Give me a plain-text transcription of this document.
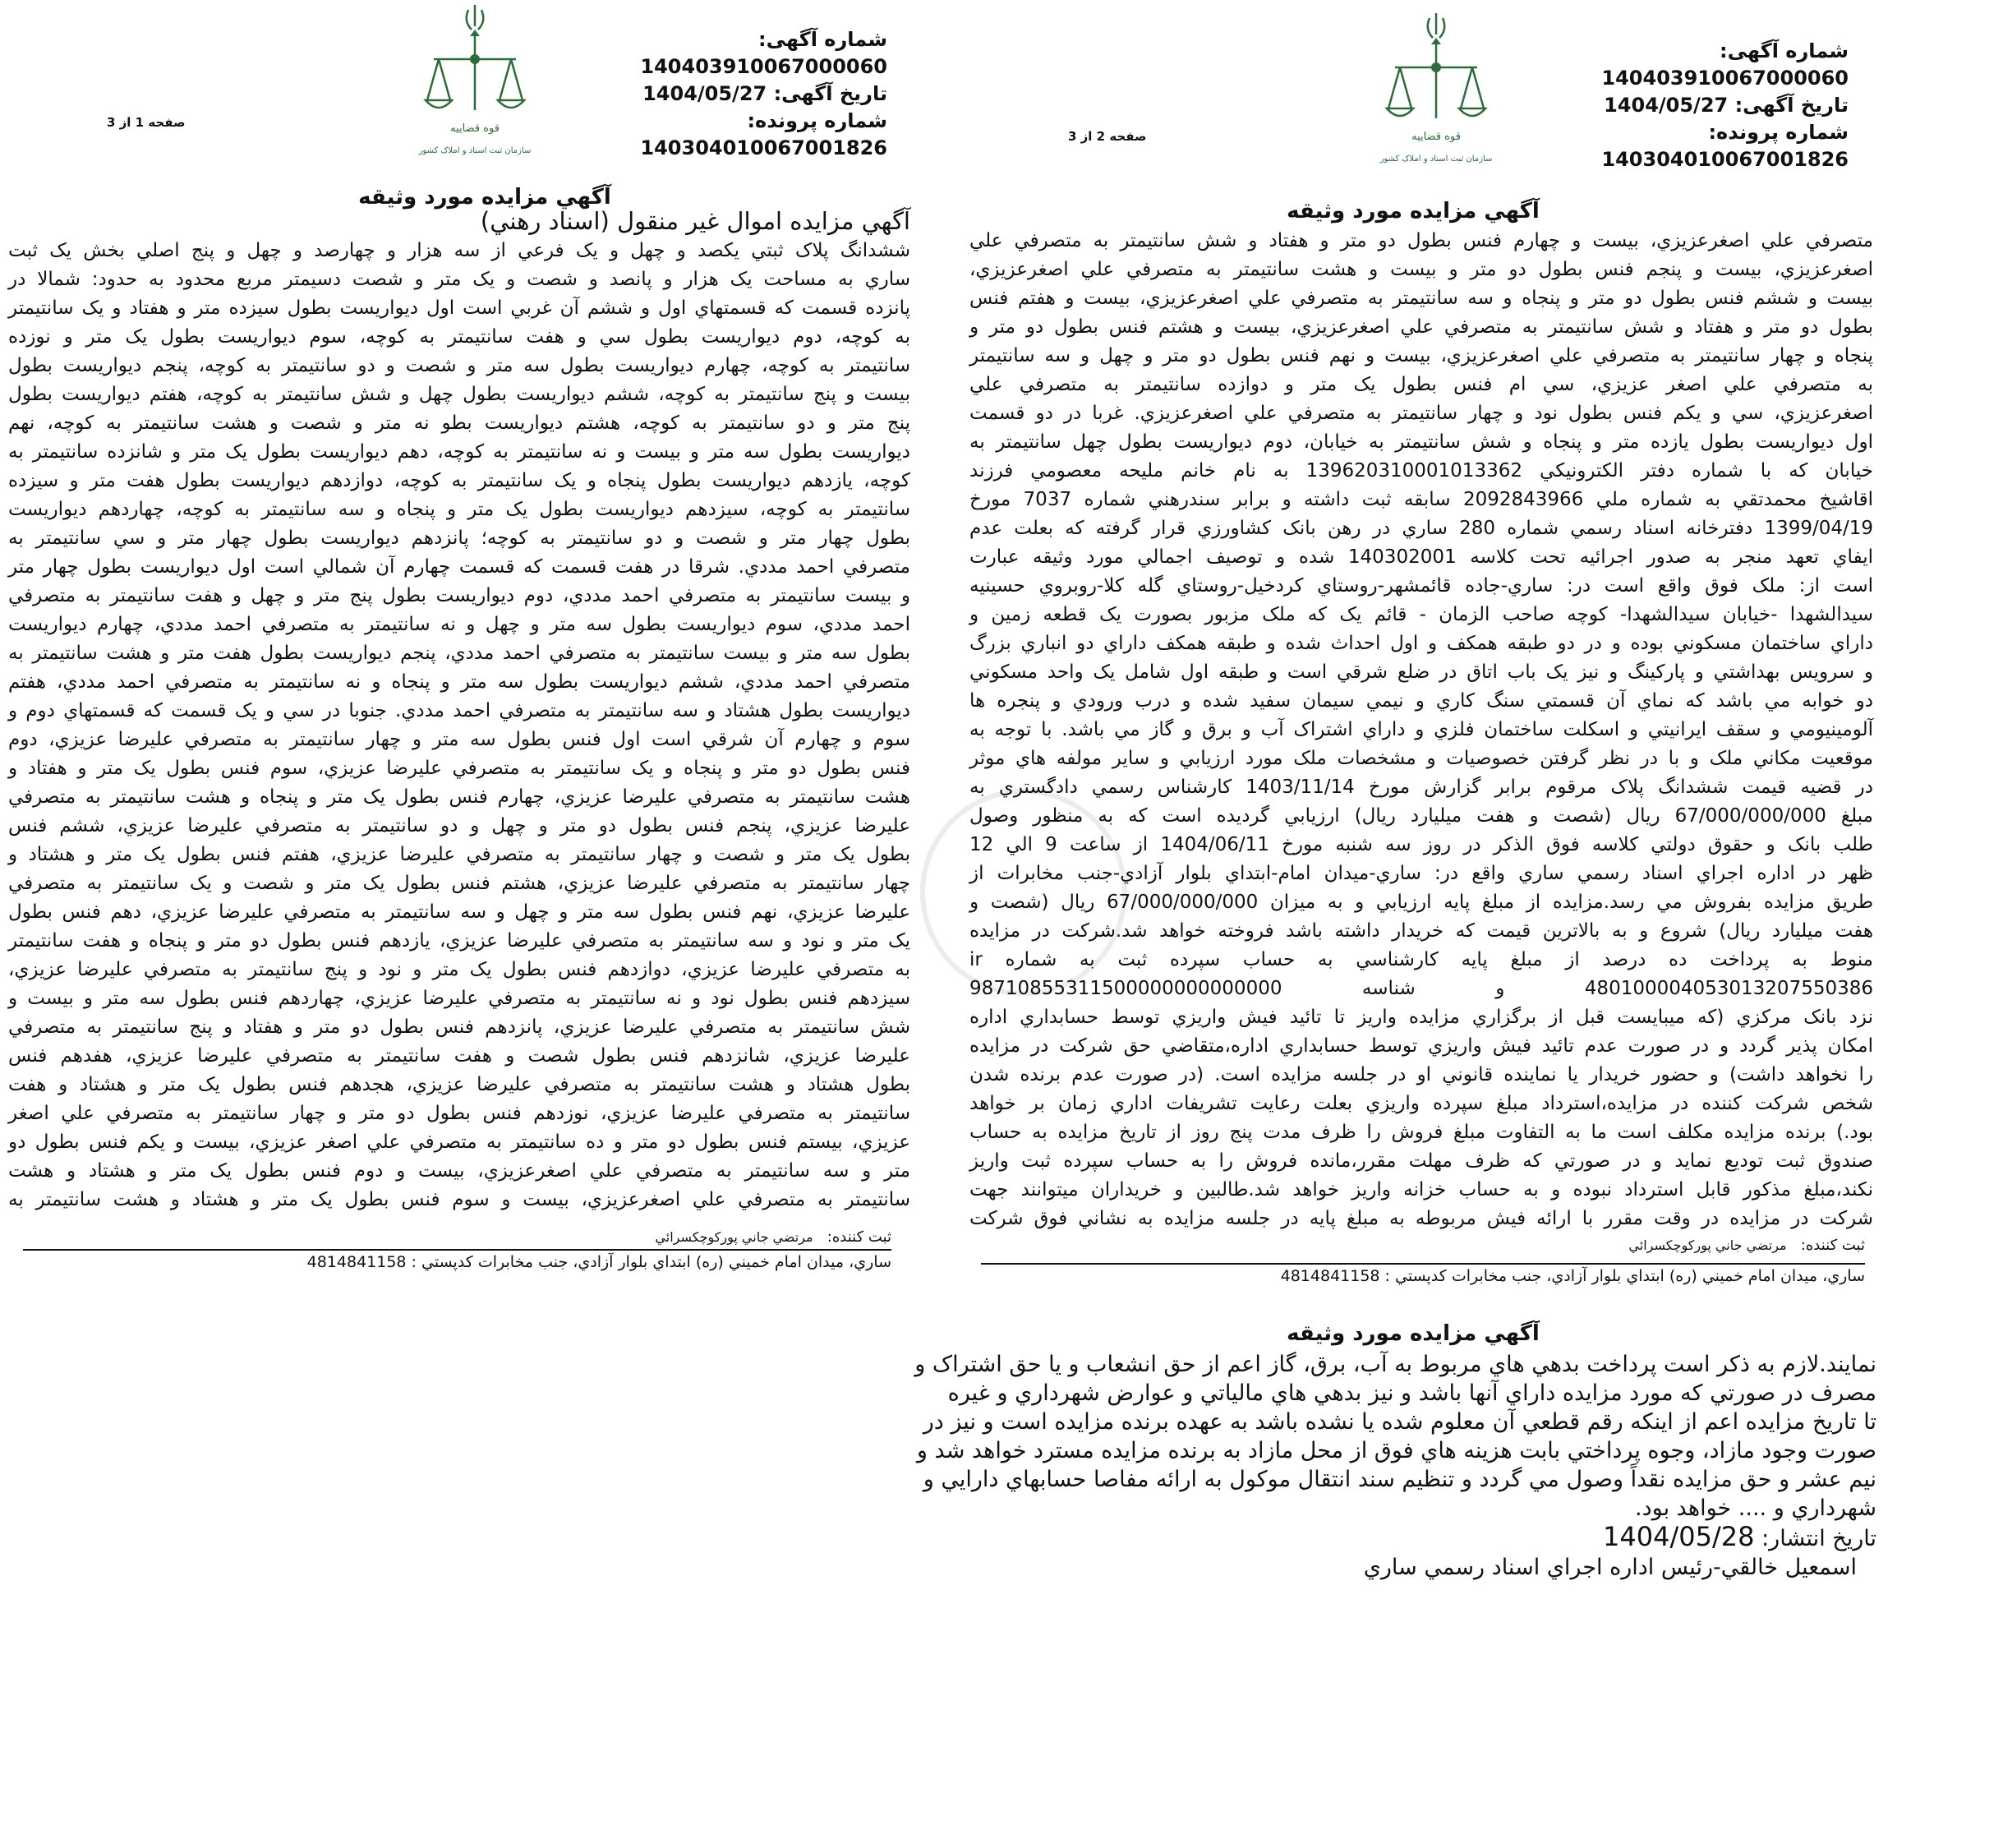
شماره آگهی: 140403910067000060
تاریخ آگهی: 1404/05/27
شماره پرونده: 140304010067001826
قوه قضاييه
سازمان ثبت اسناد و املاک کشور
صفحه 1 از 3
آگهي مزايده مورد وثيقه
آگهي مزايده اموال غير منقول (اسناد رهني)
ششدانگ پلاک ثبتي يکصد و چهل و يک فرعي از سه هزار و چهارصد و چهل و پنج اصلي بخش يک ثبت
ساري به مساحت يک هزار و پانصد و شصت و يک متر و شصت دسيمتر مربع محدود به حدود: شمالا در
پانزده قسمت که قسمتهاي اول و ششم آن غربي است اول ديواريست بطول سيزده متر و هفتاد و يک سانتيمتر
به کوچه، دوم ديواريست بطول سي و هفت سانتيمتر به کوچه، سوم ديواريست بطول يک متر و نوزده
سانتيمتر به کوچه، چهارم ديواريست بطول سه متر و شصت و دو سانتيمتر به کوچه، پنجم ديواريست بطول
بيست و پنج سانتيمتر به کوچه، ششم ديواريست بطول چهل و شش سانتيمتر به کوچه، هفتم ديواريست بطول
پنج متر و دو سانتيمتر به کوچه، هشتم ديواريست بطو نه متر و شصت و هشت سانتيمتر به کوچه، نهم
ديواريست بطول سه متر و بيست و نه سانتيمتر به کوچه، دهم ديواريست بطول يک متر و شانزده سانتيمتر به
کوچه، يازدهم ديواريست بطول پنجاه و يک سانتيمتر به کوچه، دوازدهم ديواريست بطول هفت متر و سيزده
سانتيمتر به کوچه، سيزدهم ديواريست بطول يک متر و پنجاه و سه سانتيمتر به کوچه، چهاردهم ديواريست
بطول چهار متر و شصت و دو سانتيمتر به کوچه؛ پانزدهم ديواريست بطول چهار متر و سي سانتيمتر به
متصرفي احمد مددي. شرقا در هفت قسمت که قسمت چهارم آن شمالي است اول ديواريست بطول چهار متر
و بيست سانتيمتر به متصرفي احمد مددي، دوم ديواريست بطول پنج متر و چهل و هفت سانتيمتر به متصرفي
احمد مددي، سوم ديواريست بطول سه متر و چهل و نه سانتيمتر به متصرفي احمد مددي، چهارم ديواريست
بطول سه متر و بيست سانتيمتر به متصرفي احمد مددي، پنجم ديواريست بطول هفت متر و هشت سانتيمتر به
متصرفي احمد مددي، ششم ديواريست بطول سه متر و پنجاه و نه سانتيمتر به متصرفي احمد مددي، هفتم
ديواريست بطول هشتاد و سه سانتيمتر به متصرفي احمد مددي. جنوبا در سي و يک قسمت که قسمتهاي دوم و
سوم و چهارم آن شرقي است اول فنس بطول سه متر و چهار سانتيمتر به متصرفي عليرضا عزيزي، دوم
فنس بطول دو متر و پنجاه و يک سانتيمتر به متصرفي عليرضا عزيزي، سوم فنس بطول يک متر و هفتاد و
هشت سانتيمتر به متصرفي عليرضا عزيزي، چهارم فنس بطول يک متر و پنجاه و هشت سانتيمتر به متصرفي
عليرضا عزيزي، پنجم فنس بطول دو متر و چهل و دو سانتيمتر به متصرفي عليرضا عزيزي، ششم فنس
بطول يک متر و شصت و چهار سانتيمتر به متصرفي عليرضا عزيزي، هفتم فنس بطول يک متر و هشتاد و
چهار سانتيمتر به متصرفي عليرضا عزيزي، هشتم فنس بطول يک متر و شصت و يک سانتيمتر به متصرفي
عليرضا عزيزي، نهم فنس بطول سه متر و چهل و سه سانتيمتر به متصرفي عليرضا عزيزي، دهم فنس بطول
يک متر و نود و سه سانتيمتر به متصرفي عليرضا عزيزي، يازدهم فنس بطول دو متر و پنجاه و هفت سانتيمتر
به متصرفي عليرضا عزيزي، دوازدهم فنس بطول يک متر و نود و پنج سانتيمتر به متصرفي عليرضا عزيزي،
سيزدهم فنس بطول نود و نه سانتيمتر به متصرفي عليرضا عزيزي، چهاردهم فنس بطول سه متر و بيست و
شش سانتيمتر به متصرفي عليرضا عزيزي، پانزدهم فنس بطول دو متر و هفتاد و پنج سانتيمتر به متصرفي
عليرضا عزيزي، شانزدهم فنس بطول شصت و هفت سانتيمتر به متصرفي عليرضا عزيزي، هفدهم فنس
بطول هشتاد و هشت سانتيمتر به متصرفي عليرضا عزيزي، هجدهم فنس بطول يک متر و هشتاد و هفت
سانتيمتر به متصرفي عليرضا عزيزي، نوزدهم فنس بطول دو متر و چهار سانتيمتر به متصرفي علي اصغر
عزيزي، بيستم فنس بطول دو متر و ده سانتيمتر به متصرفي علي اصغر عزيزي، بيست و يکم فنس بطول دو
متر و سه سانتيمتر به متصرفي علي اصغرعزيزي، بيست و دوم فنس بطول يک متر و هشتاد و هشت
سانتيمتر به متصرفي علي اصغرعزيزي، بيست و سوم فنس بطول يک متر و هشتاد و هشت سانتيمتر به
ثبت کننده:   مرتضي جاني پورکوچکسرائي
ساري، ميدان امام خميني (ره) ابتداي بلوار آزادي، جنب مخابرات کدپستي : 4814841158
شماره آگهی: 140403910067000060
تاریخ آگهی: 1404/05/27
شماره پرونده: 140304010067001826
قوه قضاييه
سازمان ثبت اسناد و املاک کشور
صفحه 2 از 3
آگهي مزايده مورد وثيقه
متصرفي علي اصغرعزيزي، بيست و چهارم فنس بطول دو متر و هفتاد و شش سانتيمتر به متصرفي علي
اصغرعزيزي، بيست و پنجم فنس بطول دو متر و بيست و هشت سانتيمتر به متصرفي علي اصغرعزيزي،
بيست و ششم فنس بطول دو متر و پنجاه و سه سانتيمتر به متصرفي علي اصغرعزيزي، بيست و هفتم فنس
بطول دو متر و هفتاد و شش سانتيمتر به متصرفي علي اصغرعزيزي، بيست و هشتم فنس بطول دو متر و
پنجاه و چهار سانتيمتر به متصرفي علي اصغرعزيزي، بيست و نهم فنس بطول دو متر و چهل و سه سانتيمتر
به متصرفي علي اصغر عزيزي، سي ام فنس بطول يک متر و دوازده سانتيمتر به متصرفي علي
اصغرعزيزي، سي و يکم فنس بطول نود و چهار سانتيمتر به متصرفي علي اصغرعزيزي. غربا در دو قسمت
اول ديواريست بطول يازده متر و پنجاه و شش سانتيمتر به خيابان، دوم ديواريست بطول چهل سانتيمتر به
خيابان که با شماره دفتر الکترونيکي 139620310001013362 به نام خانم مليحه معصومي فرزند
اقاشيخ محمدتقي به شماره ملي 2092843966 سابقه ثبت داشته و برابر سندرهني شماره 7037 مورخ
1399/04/19 دفترخانه اسناد رسمي شماره 280 ساري در رهن بانک کشاورزي قرار گرفته که بعلت عدم
ايفاي تعهد منجر به صدور اجرائيه تحت کلاسه 140302001 شده و توصيف اجمالي مورد وثيقه عبارت
است از: ملک فوق واقع است در: ساري-جاده قائمشهر-روستاي کردخيل-روستاي گله کلا-روبروي حسينيه
سيدالشهدا -خيابان سيدالشهدا- کوچه صاحب الزمان - قائم يک که ملک مزبور بصورت يک قطعه زمين و
داراي ساختمان مسکوني بوده و در دو طبقه همکف و اول احداث شده و طبقه همکف داراي دو انباري بزرگ
و سرويس بهداشتي و پارکينگ و نيز يک باب اتاق در ضلع شرقي است و طبقه اول شامل يک واحد مسکوني
دو خوابه مي باشد که نماي آن قسمتي سنگ کاري و نيمي سيمان سفيد شده و درب ورودي و پنجره ها
آلومينيومي و سقف ايرانيتي و اسکلت ساختمان فلزي و داراي اشتراک آب و برق و گاز مي باشد. با توجه به
موقعيت مکاني ملک و با در نظر گرفتن خصوصيات و مشخصات ملک مورد ارزيابي و ساير مولفه هاي موثر
در قضيه قيمت ششدانگ پلاک مرقوم برابر گزارش مورخ 1403/11/14 کارشناس رسمي دادگستري به
مبلغ 67/000/000/000 ريال (شصت و هفت ميليارد ريال) ارزيابي گرديده است که به منظور وصول
طلب بانک و حقوق دولتي کلاسه فوق الذکر در روز سه شنبه مورخ 1404/06/11 از ساعت 9 الي 12
ظهر در اداره اجراي اسناد رسمي ساري واقع در: ساري-ميدان امام-ابتداي بلوار آزادي-جنب مخابرات از
طريق مزايده بفروش مي رسد.مزايده از مبلغ پايه ارزيابي و به ميزان 67/000/000/000 ريال (شصت و
هفت ميليارد ريال) شروع و به بالاترين قيمت که خريدار داشته باشد فروخته خواهد شد.شرکت در مزايده
منوط به پرداخت ده درصد از مبلغ پايه کارشناسي به حساب سپرده ثبت به شماره ir
480100004053013207550386 و شناسه 98710855311500000000000000
نزد بانک مرکزي (که ميبايست قبل از برگزاري مزايده واريز تا تائيد فيش واريزي توسط حسابداري اداره
امکان پذير گردد و در صورت عدم تائيد فيش واريزي توسط حسابداري اداره،متقاضي حق شرکت در مزايده
را نخواهد داشت) و حضور خريدار يا نماينده قانوني او در جلسه مزايده است. (در صورت عدم برنده شدن
شخص شرکت کننده در مزايده،استرداد مبلغ سپرده واريزي بعلت رعايت تشريفات اداري زمان بر خواهد
بود.) برنده مزايده مکلف است ما به التفاوت مبلغ فروش را ظرف مدت پنج روز از تاريخ مزايده به حساب
صندوق ثبت توديع نمايد و در صورتي که ظرف مهلت مقرر،مانده فروش را به حساب سپرده ثبت واريز
نکند،مبلغ مذکور قابل استرداد نبوده و به حساب خزانه واريز خواهد شد.طالبين و خريداران ميتوانند جهت
شرکت در مزايده در وقت مقرر با ارائه فيش مربوطه به مبلغ پايه در جلسه مزايده به نشاني فوق شرکت
ثبت کننده:   مرتضي جاني پورکوچکسرائي
ساري، ميدان امام خميني (ره) ابتداي بلوار آزادي، جنب مخابرات کدپستي : 4814841158
آگهي مزايده مورد وثيقه
نمايند.لازم به ذکر است پرداخت بدهي هاي مربوط به آب، برق، گاز اعم از حق انشعاب و يا حق اشتراک و
مصرف در صورتي که مورد مزايده داراي آنها باشد و نيز بدهي هاي مالياتي و عوارض شهرداري و غيره
تا تاريخ مزايده اعم از اينکه رقم قطعي آن معلوم شده يا نشده باشد به عهده برنده مزايده است و نيز در
صورت وجود مازاد، وجوه پرداختي بابت هزينه هاي فوق از محل مازاد به برنده مزايده مسترد خواهد شد و
نيم عشر و حق مزايده نقداً وصول مي گردد و تنظيم سند انتقال موکول به ارائه مفاصا حسابهاي دارايي و
شهرداري و .... خواهد بود.
تاريخ انتشار: 1404/05/28
اسمعيل خالقي-رئيس اداره اجراي اسناد رسمي ساري
